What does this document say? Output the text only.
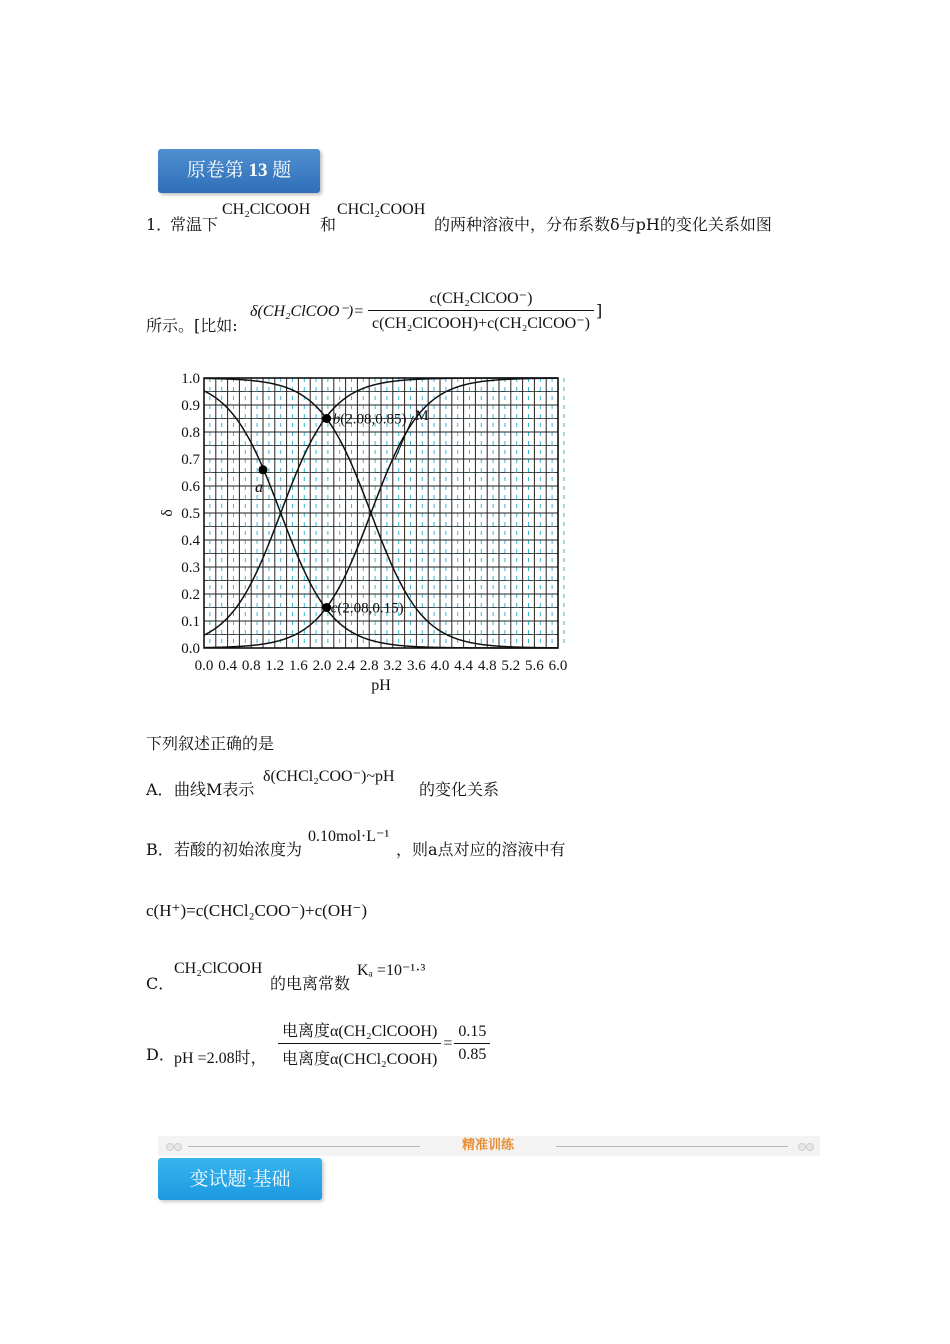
原卷第 13 题
1．
常温下
CH₂ClCOOH
和
CHCl₂COOH
的两种溶液中，分布系数δ与pH的变化关系如图
所示。[比如:
δ(CH₂ClCOO⁻)= $\frac{\text{c(CH₂ClCOO⁻)}}{\text{c(CH₂ClCOOH)+c(CH₂ClCOO⁻)}}$ ]
0.0 0.4 0.8 1.2 1.6 2.0 2.4 2.8 3.2 3.6 4.0 4.4 4.8 5.2 5.6 6.0
0.0
0.1
0.2
0.3
0.4
0.5
0.6
0.7
0.8
0.9
1.0
pH
δ
a
b(2.08,0.85)
c(2.08,0.15)
M
下列叙述正确的是
A． 曲线M表示
δ(CHCl₂COO⁻)~pH
的变化关系
B． 若酸的初始浓度为
0.10mol·L⁻¹
，则a点对应的溶液中有
c(H⁺)=c(CHCl₂COO⁻)+c(OH⁻)
C．
CH₂ClCOOH
的电离常数
Kₐ =10⁻¹·³
D． pH =2.08时， $\frac{\text{电离度α(CH₂ClCOOH)}}{\text{电离度α(CHCl₂COOH)}} = \frac{0.15}{0.85}$
精准训练
变试题·基础
